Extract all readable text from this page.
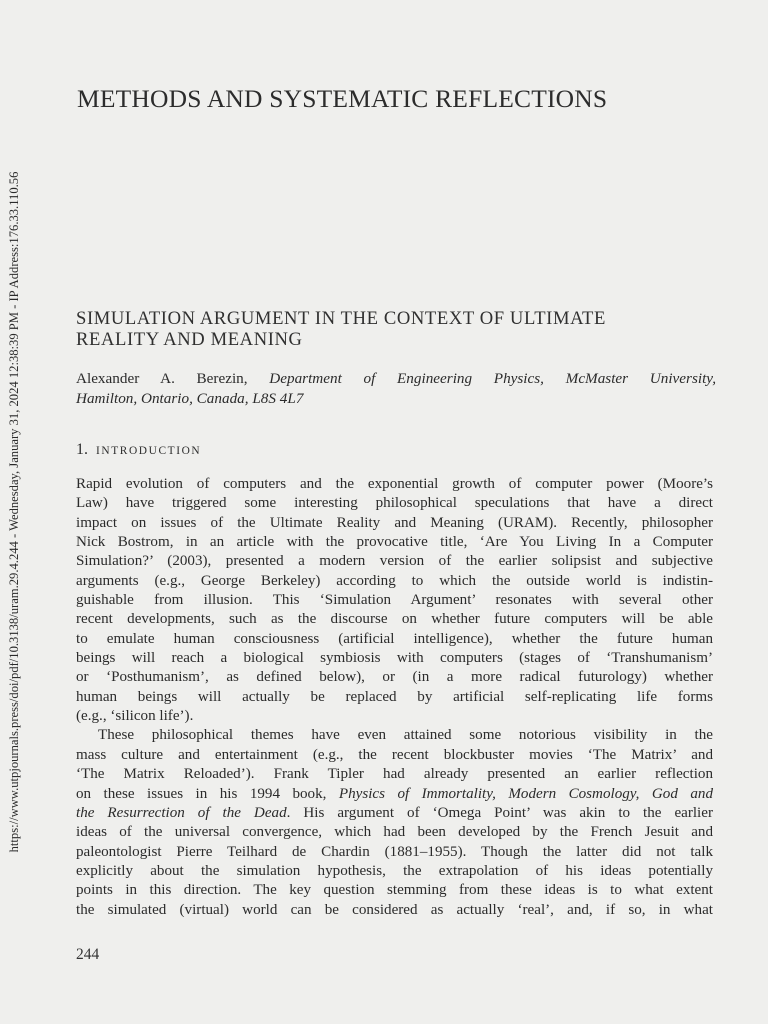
https://www.utpjournals.press/doi/pdf/10.3138/uram.29.4.244 - Wednesday, January 31, 2024 12:38:39 PM - IP Address:176.33.110.56
METHODS AND SYSTEMATIC REFLECTIONS
SIMULATION ARGUMENT IN THE CONTEXT OF ULTIMATE
REALITY AND MEANING

Alexander A. Berezin, Department of Engineering Physics, McMaster University,

Hamilton, Ontario, Canada, L8S 4L7

1. INTRODUCTION
Rapid evolution of computers and the exponential growth of computer power (Moore’s
Law) have triggered some interesting philosophical speculations that have a direct
impact on issues of the Ultimate Reality and Meaning (URAM). Recently, philosopher
Nick Bostrom, in an article with the provocative title, ‘Are You Living In a Computer
Simulation?’ (2003), presented a modern version of the earlier solipsist and subjective
arguments (e.g., George Berkeley) according to which the outside world is indistin-
guishable from illusion. This ‘Simulation Argument’ resonates with several other
recent developments, such as the discourse on whether future computers will be able
to emulate human consciousness (artificial intelligence), whether the future human
beings will reach a biological symbiosis with computers (stages of ‘Transhumanism’
or ‘Posthumanism’, as defined below), or (in a more radical futurology) whether
human beings will actually be replaced by artificial self-replicating life forms
(e.g., ‘silicon life’).
These philosophical themes have even attained some notorious visibility in the
mass culture and entertainment (e.g., the recent blockbuster movies ‘The Matrix’ and
‘The Matrix Reloaded’). Frank Tipler had already presented an earlier reflection
on these issues in his 1994 book, Physics of Immortality, Modern Cosmology, God and
the Resurrection of the Dead. His argument of ‘Omega Point’ was akin to the earlier
ideas of the universal convergence, which had been developed by the French Jesuit and
paleontologist Pierre Teilhard de Chardin (1881–1955). Though the latter did not talk
explicitly about the simulation hypothesis, the extrapolation of his ideas potentially
points in this direction. The key question stemming from these ideas is to what extent
the simulated (virtual) world can be considered as actually ‘real’, and, if so, in what

244
